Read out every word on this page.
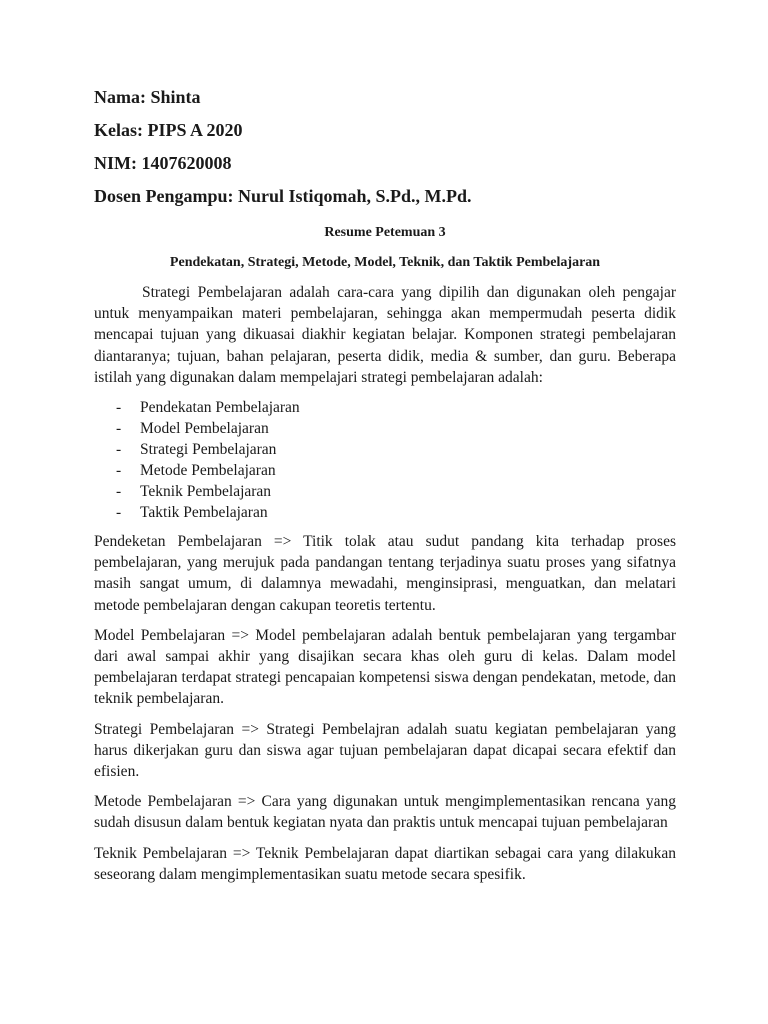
Nama: Shinta
Kelas: PIPS A 2020
NIM: 1407620008
Dosen Pengampu: Nurul Istiqomah, S.Pd., M.Pd.
Resume Petemuan 3
Pendekatan, Strategi, Metode, Model, Teknik, dan Taktik Pembelajaran

Strategi Pembelajaran adalah cara-cara yang dipilih dan digunakan oleh pengajar untuk menyampaikan materi pembelajaran, sehingga akan mempermudah peserta didik mencapai tujuan yang dikuasai diakhir kegiatan belajar. Komponen strategi pembelajaran diantaranya; tujuan, bahan pelajaran, peserta didik, media & sumber, dan guru. Beberapa istilah yang digunakan dalam mempelajari strategi pembelajaran adalah:

- Pendekatan Pembelajaran
- Model Pembelajaran
- Strategi Pembelajaran
- Metode Pembelajaran
- Teknik Pembelajaran
- Taktik Pembelajaran

Pendeketan Pembelajaran => Titik tolak atau sudut pandang kita terhadap proses pembelajaran, yang merujuk pada pandangan tentang terjadinya suatu proses yang sifatnya masih sangat umum, di dalamnya mewadahi, menginsiprasi, menguatkan, dan melatari metode pembelajaran dengan cakupan teoretis tertentu.

Model Pembelajaran => Model pembelajaran adalah bentuk pembelajaran yang tergambar dari awal sampai akhir yang disajikan secara khas oleh guru di kelas. Dalam model pembelajaran terdapat strategi pencapaian kompetensi siswa dengan pendekatan, metode, dan teknik pembelajaran.

Strategi Pembelajaran => Strategi Pembelajran adalah suatu kegiatan pembelajaran yang harus dikerjakan guru dan siswa agar tujuan pembelajaran dapat dicapai secara efektif dan efisien.

Metode Pembelajaran => Cara yang digunakan untuk mengimplementasikan rencana yang sudah disusun dalam bentuk kegiatan nyata dan praktis untuk mencapai tujuan pembelajaran

Teknik Pembelajaran => Teknik Pembelajaran dapat diartikan sebagai cara yang dilakukan seseorang dalam mengimplementasikan suatu metode secara spesifik.
